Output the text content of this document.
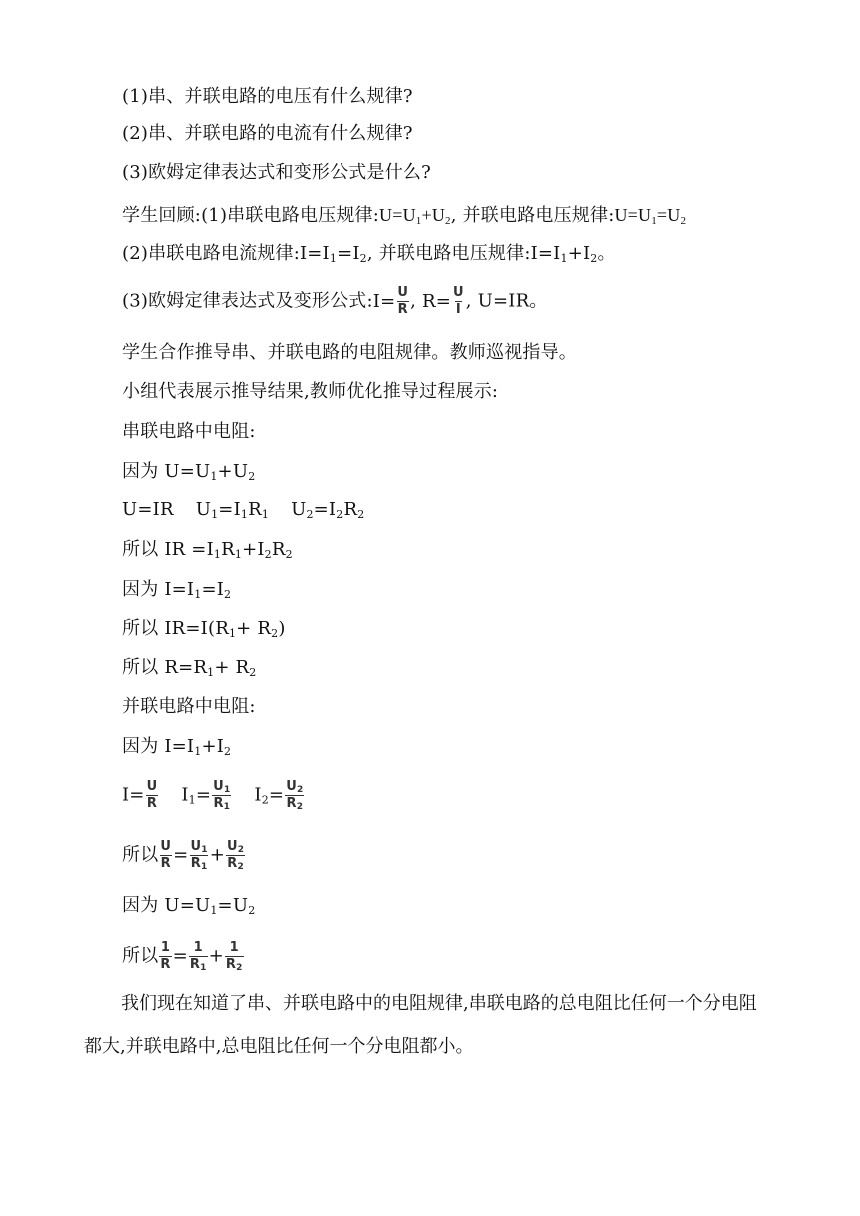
(1)串、并联电路的电压有什么规律?
(2)串、并联电路的电流有什么规律?
(3)欧姆定律表达式和变形公式是什么?
学生回顾:(1)串联电路电压规律$:U=U_1+U_2$, 并联电路电压规律$:U=U_1=U_2$
(2)串联电路电流规律$:I=I_1=I_2$, 并联电路电压规律$:I=I_1+I_2$。
(3)欧姆定律表达式及变形公式:I= $\frac{U}{R}$ , $R= \frac{U}{I}$ , U=IR。
学生合作推导串、并联电路的电阻规律。教师巡视指导。
小组代表展示推导结果,教师优化推导过程展示:
串联电路中电阻:
因为 $U=U_1+U_2$
U=IR $U_1=I_1R_1$ $U_2=I_2R_2$
所以 IR $=I_1R_1+I_2R_2$
因为 $I=I_1=I_2$
所以 $IR=I(R_1+ R_2)$
所以 $R=R_1+ R_2$
并联电路中电阻:
因为 $I=I_1+I_2$
$I= \frac{U}{R} I_1= \frac{U_1}{R_1} I_2= \frac{U_2}{R_2}$
所以 $\frac{U}{R} = \frac{U_1}{R_1} + \frac{U_2}{R_2}$
因为 $U=U_1=U_2$
所以 $\frac{1}{R} = \frac{1}{R_1} + \frac{1}{R_2}$
我们现在知道了串、并联电路中的电阻规律,串联电路的总电阻比任何一个分电阻都大,并联电路中,总电阻比任何一个分电阻都小。
